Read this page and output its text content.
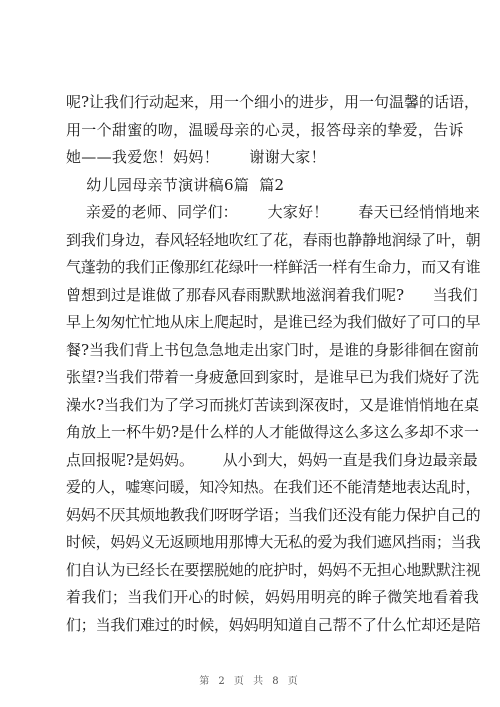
呢?让我们行动起来，用一个细小的进步，用一句温馨的话语，
用一个甜蜜的吻，温暖母亲的心灵，报答母亲的挚爱，告诉
她——我爱您！妈妈！      谢谢大家！
幼儿园母亲节演讲稿6篇  篇2
亲爱的老师、同学们：      大家好！      春天已经悄悄地来
到我们身边，春风轻轻地吹红了花，春雨也静静地润绿了叶，朝
气蓬勃的我们正像那红花绿叶一样鲜活一样有生命力，而又有谁
曾想到过是谁做了那春风春雨默默地滋润着我们呢?      当我们
早上匆匆忙忙地从床上爬起时，是谁已经为我们做好了可口的早
餐?当我们背上书包急急地走出家门时，是谁的身影徘徊在窗前
张望?当我们带着一身疲惫回到家时，是谁早已为我们烧好了洗
澡水?当我们为了学习而挑灯苦读到深夜时，又是谁悄悄地在桌
角放上一杯牛奶?是什么样的人才能做得这么多这么多却不求一
点回报呢?是妈妈。      从小到大，妈妈一直是我们身边最亲最
爱的人，嘘寒问暖，知冷知热。在我们还不能清楚地表达乱时，
妈妈不厌其烦地教我们呀呀学语；当我们还没有能力保护自己的
时候，妈妈义无返顾地用那博大无私的爱为我们遮风挡雨；当我
们自认为已经长在要摆脱她的庇护时，妈妈不无担心地默默注视
着我们；当我们开心的时候，妈妈用明亮的眸子微笑地看着我
们；当我们难过的时候，妈妈明知道自己帮不了什么忙却还是陪
第 2 页 共 8 页
